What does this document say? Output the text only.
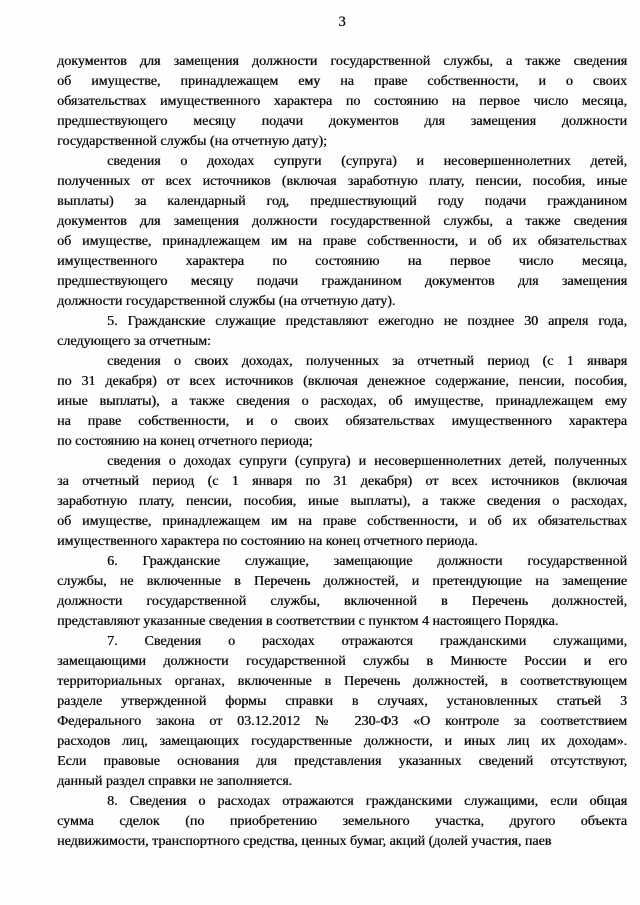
3
документов для замещения должности государственной службы, а также сведения
об имуществе, принадлежащем ему на праве собственности, и о своих
обязательствах имущественного характера по состоянию на первое число месяца,
предшествующего месяцу подачи документов для замещения должности
государственной службы (на отчетную дату);
сведения о доходах супруги (супруга) и несовершеннолетних детей,
полученных от всех источников (включая заработную плату, пенсии, пособия, иные
выплаты) за календарный год, предшествующий году подачи гражданином
документов для замещения должности государственной службы, а также сведения
об имуществе, принадлежащем им на праве собственности, и об их обязательствах
имущественного характера по состоянию на первое число месяца,
предшествующего месяцу подачи гражданином документов для замещения
должности государственной службы (на отчетную дату).
5. Гражданские служащие представляют ежегодно не позднее 30 апреля года,
следующего за отчетным:
сведения о своих доходах, полученных за отчетный период (с 1 января
по 31 декабря) от всех источников (включая денежное содержание, пенсии, пособия,
иные выплаты), а также сведения о расходах, об имуществе, принадлежащем ему
на праве собственности, и о своих обязательствах имущественного характера
по состоянию на конец отчетного периода;
сведения о доходах супруги (супруга) и несовершеннолетних детей, полученных
за отчетный период (с 1 января по 31 декабря) от всех источников (включая
заработную плату, пенсии, пособия, иные выплаты), а также сведения о расходах,
об имуществе, принадлежащем им на праве собственности, и об их обязательствах
имущественного характера по состоянию на конец отчетного периода.
6. Гражданские служащие, замещающие должности государственной
службы, не включенные в Перечень должностей, и претендующие на замещение
должности государственной службы, включенной в Перечень должностей,
представляют указанные сведения в соответствии с пунктом 4 настоящего Порядка.
7. Сведения о расходах отражаются гражданскими служащими,
замещающими должности государственной службы в Минюсте России и его
территориальных органах, включенные в Перечень должностей, в соответствующем
разделе утвержденной формы справки в случаях, установленных статьей 3
Федерального закона от 03.12.2012 № 230-ФЗ «О контроле за соответствием
расходов лиц, замещающих государственные должности, и иных лиц их доходам».
Если правовые основания для представления указанных сведений отсутствуют,
данный раздел справки не заполняется.
8. Сведения о расходах отражаются гражданскими служащими, если общая
сумма сделок (по приобретению земельного участка, другого объекта
недвижимости, транспортного средства, ценных бумаг, акций (долей участия, паев
